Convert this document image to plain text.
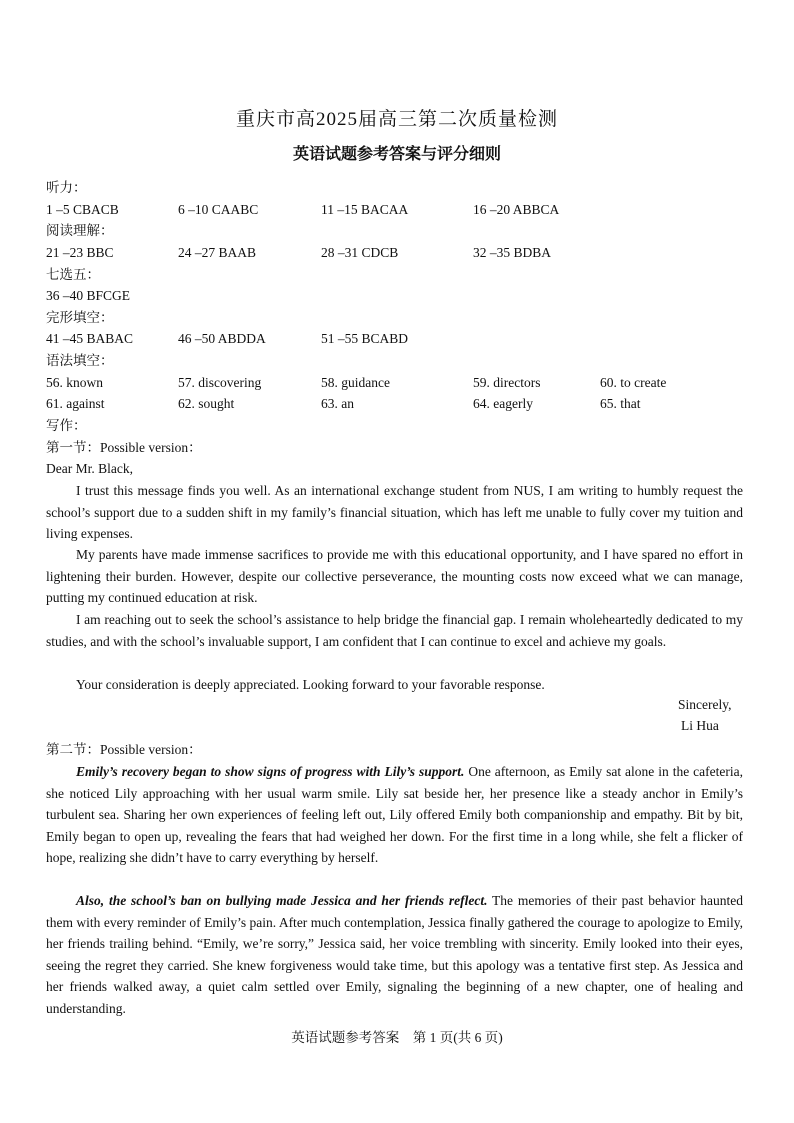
重庆市高2025届高三第二次质量检测
英语试题参考答案与评分细则
听力：
1 –5 CBACB	6 –10 CAABC	11 –15 BACAA	16 –20 ABBCA
阅读理解：
21 –23 BBC	24 –27 BAAB	28 –31 CDCB	32 –35 BDBA
七选五：
36 –40 BFCGE
完形填空：
41 –45 BABAC	46 –50 ABDDA	51 –55 BCABD
语法填空：
56. known	57. discovering	58. guidance	59. directors	60. to create
61. against	62. sought	63. an	64. eagerly	65. that
写作：
第一节：Possible version：
Dear Mr. Black,
I trust this message finds you well. As an international exchange student from NUS, I am writing to humbly request the school’s support due to a sudden shift in my family’s financial situation, which has left me unable to fully cover my tuition and living expenses.
My parents have made immense sacrifices to provide me with this educational opportunity, and I have spared no effort in lightening their burden. However, despite our collective perseverance, the mounting costs now exceed what we can manage, putting my continued education at risk.
I am reaching out to seek the school’s assistance to help bridge the financial gap. I remain wholeheartedly dedicated to my studies, and with the school’s invaluable support, I am confident that I can continue to excel and achieve my goals.
Your consideration is deeply appreciated. Looking forward to your favorable response.
Sincerely,
Li Hua
第二节：Possible version：
Emily’s recovery began to show signs of progress with Lily’s support. One afternoon, as Emily sat alone in the cafeteria, she noticed Lily approaching with her usual warm smile. Lily sat beside her, her presence like a steady anchor in Emily’s turbulent sea. Sharing her own experiences of feeling left out, Lily offered Emily both companionship and empathy. Bit by bit, Emily began to open up, revealing the fears that had weighed her down. For the first time in a long while, she felt a flicker of hope, realizing she didn’t have to carry everything by herself.
Also, the school’s ban on bullying made Jessica and her friends reflect. The memories of their past behavior haunted them with every reminder of Emily’s pain. After much contemplation, Jessica finally gathered the courage to apologize to Emily, her friends trailing behind. “Emily, we’re sorry,” Jessica said, her voice trembling with sincerity. Emily looked into their eyes, seeing the regret they carried. She knew forgiveness would take time, but this apology was a tentative first step. As Jessica and her friends walked away, a quiet calm settled over Emily, signaling the beginning of a new chapter, one of healing and understanding.
英语试题参考答案　第 1 页(共 6 页)
